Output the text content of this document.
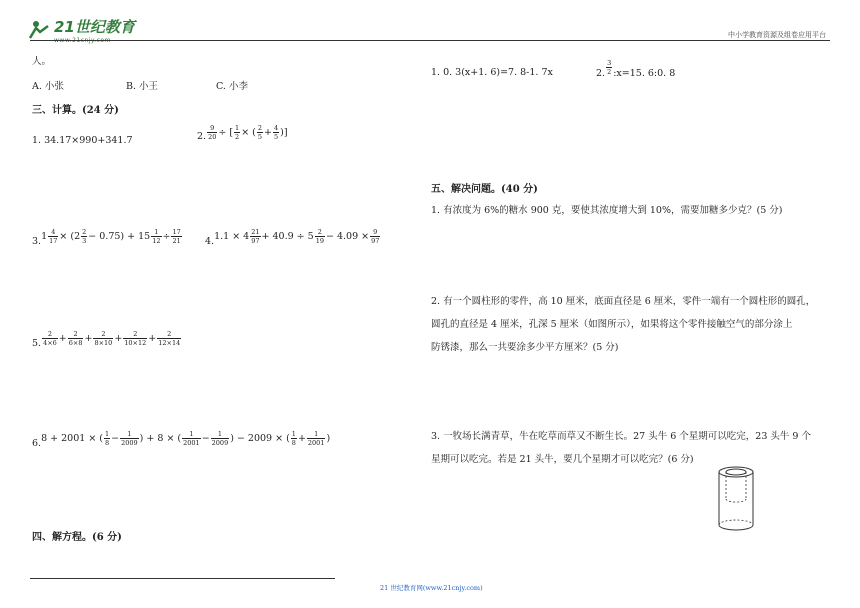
21世纪教育	中小学教育资源及组卷应用平台
人。
A. 小张	B. 小王	C. 小李
三、计算。(24 分)
1. 34.17×990+341.7	2. $\frac{9}{20}$ ÷ [ $\frac{1}{2}$ × ( $\frac{2}{5} + \frac{4}{5}$ )]
3. $1 \frac{4}{17} \times (2 \frac{2}{3} - 0.75) + 15 \frac{1}{12} \div \frac{17}{21} 4$. $1.1 \times 4 \frac{21}{97} + 40.9 \div 5 \frac{2}{19} - 4.09 \times \frac{9}{97}$
5. $\frac{2}{4\times 6} + \frac{2}{6\times 8} + \frac{2}{8\times 10} + \frac{2}{10\times 12} + \frac{2}{12\times 14}$
6. 8 + 2001 × ( $\frac{1}{8} - \frac{1}{2009}$ ) + 8 × ( $\frac{1}{2001} - \frac{1}{2009}$ ) − 2009 × ( $\frac{1}{8} + \frac{1}{2001}$ )
四、解方程。(6 分)
1. 0. 3(x+1. 6)=7. 8-1. 7x	2. $\frac{3}{2}$ :x=15. 6:0. 8
五、解决问题。(40 分)
1. 有浓度为 6%的糖水 900 克，要使其浓度增大到 10%，需要加糖多少克？(5 分)
2. 有一个圆柱形的零件，高 10 厘米，底面直径是 6 厘米，零件一端有一个圆柱形的圆孔，
圆孔的直径是 4 厘米，孔深 5 厘米（如图所示），如果将这个零件接触空气的部分涂上
防锈漆，那么一共要涂多少平方厘米？(5 分)
3. 一牧场长满青草，牛在吃草而草又不断生长。27 头牛 6 个星期可以吃完，23 头牛 9 个
星期可以吃完。若是 21 头牛，要几个星期才可以吃完？(6 分)
21 世纪教育网(www.21cnjy.com)
